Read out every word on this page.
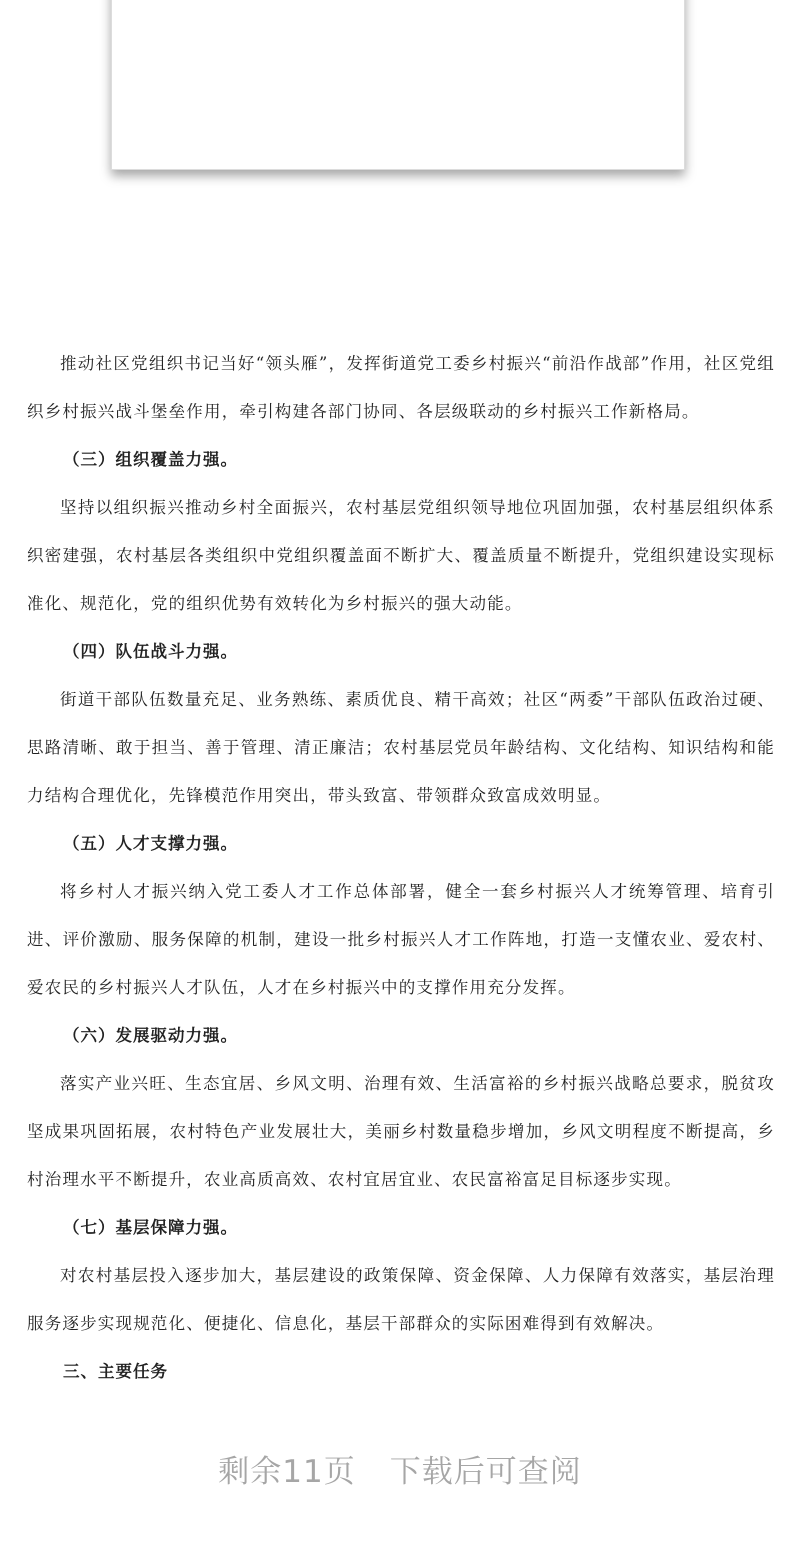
推动社区党组织书记当好“领头雁”，发挥街道党工委乡村振兴“前沿作战部”作用，社区党组织乡村振兴战斗堡垒作用，牵引构建各部门协同、各层级联动的乡村振兴工作新格局。

（三）组织覆盖力强。

坚持以组织振兴推动乡村全面振兴，农村基层党组织领导地位巩固加强，农村基层组织体系织密建强，农村基层各类组织中党组织覆盖面不断扩大、覆盖质量不断提升，党组织建设实现标准化、规范化，党的组织优势有效转化为乡村振兴的强大动能。

（四）队伍战斗力强。

街道干部队伍数量充足、业务熟练、素质优良、精干高效；社区“两委”干部队伍政治过硬、思路清晰、敢于担当、善于管理、清正廉洁；农村基层党员年龄结构、文化结构、知识结构和能力结构合理优化，先锋模范作用突出，带头致富、带领群众致富成效明显。

（五）人才支撑力强。

将乡村人才振兴纳入党工委人才工作总体部署，健全一套乡村振兴人才统筹管理、培育引进、评价激励、服务保障的机制，建设一批乡村振兴人才工作阵地，打造一支懂农业、爱农村、爱农民的乡村振兴人才队伍，人才在乡村振兴中的支撑作用充分发挥。

（六）发展驱动力强。

落实产业兴旺、生态宜居、乡风文明、治理有效、生活富裕的乡村振兴战略总要求，脱贫攻坚成果巩固拓展，农村特色产业发展壮大，美丽乡村数量稳步增加，乡风文明程度不断提高，乡村治理水平不断提升，农业高质高效、农村宜居宜业、农民富裕富足目标逐步实现。

（七）基层保障力强。

对农村基层投入逐步加大，基层建设的政策保障、资金保障、人力保障有效落实，基层治理服务逐步实现规范化、便捷化、信息化，基层干部群众的实际困难得到有效解决。

三、主要任务

剩余11页 下载后可查阅
